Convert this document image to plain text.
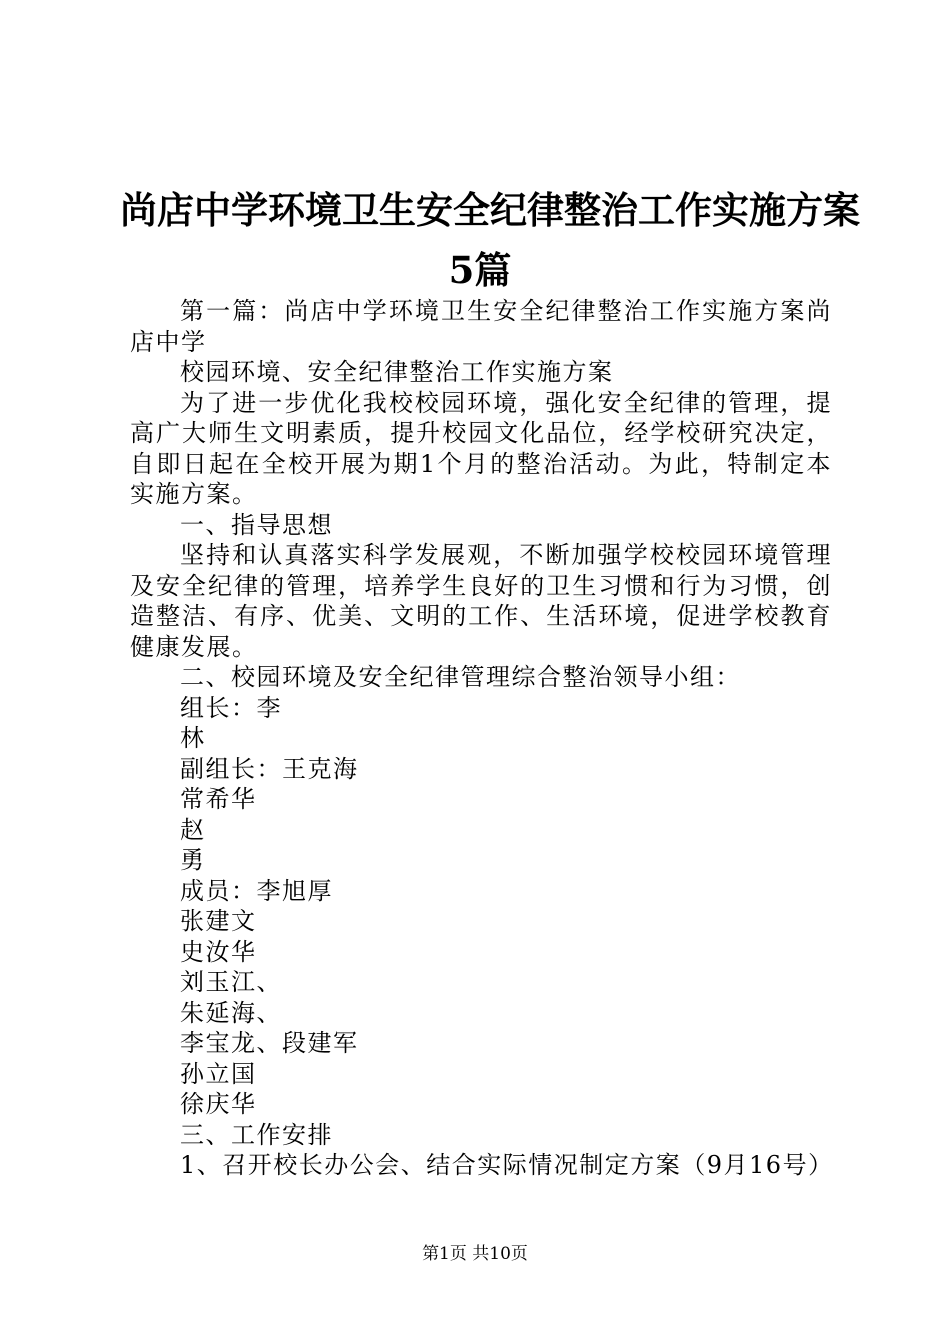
尚店中学环境卫生安全纪律整治工作实施方案
5篇

第一篇：尚店中学环境卫生安全纪律整治工作实施方案尚店中学

校园环境、安全纪律整治工作实施方案

为了进一步优化我校校园环境，强化安全纪律的管理，提高广大师生文明素质，提升校园文化品位，经学校研究决定，自即日起在全校开展为期1个月的整治活动。为此，特制定本实施方案。

一、指导思想

坚持和认真落实科学发展观，不断加强学校校园环境管理及安全纪律的管理，培养学生良好的卫生习惯和行为习惯，创造整洁、有序、优美、文明的工作、生活环境，促进学校教育健康发展。

二、校园环境及安全纪律管理综合整治领导小组：

组长：李

林

副组长：王克海

常希华

赵

勇

成员：李旭厚

张建文

史汝华

刘玉江、

朱延海、

李宝龙、段建军

孙立国

徐庆华

三、工作安排

1、召开校长办公会、结合实际情况制定方案（9月16号）

第1页 共10页
